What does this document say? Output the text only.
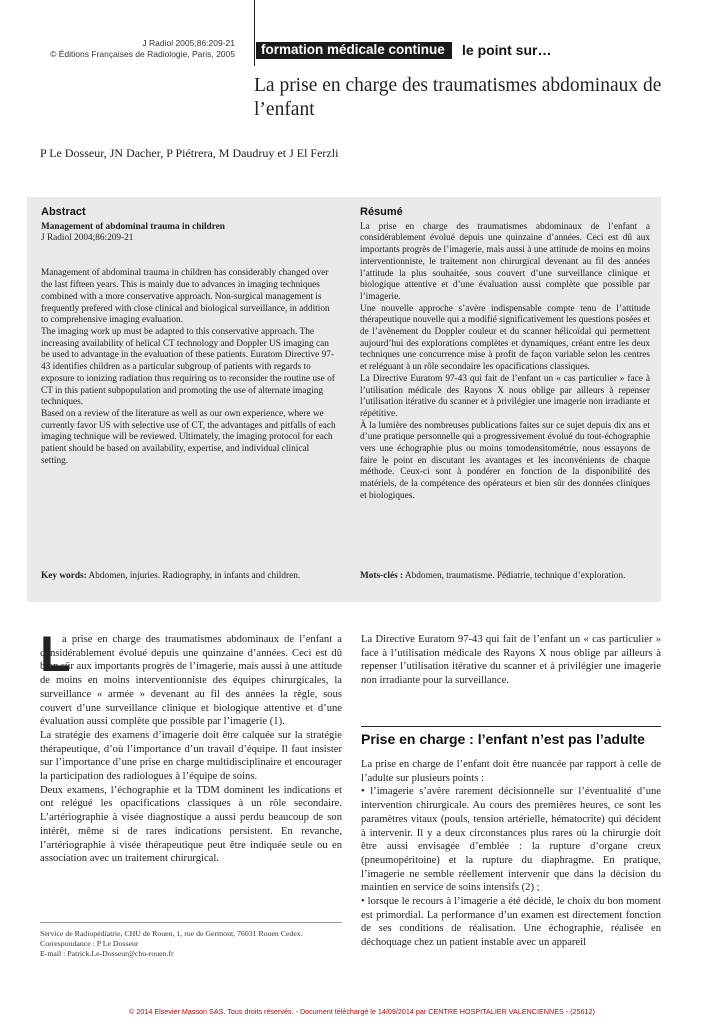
J Radiol 2005;86:209-21
© Éditions Françaises de Radiologie, Paris, 2005	formation médicale continue	le point sur…
La prise en charge des traumatismes abdominaux de l’enfant
P Le Dosseur, JN Dacher, P Piétrera, M Daudruy et J El Ferzli
Abstract
Management of abdominal trauma in children
J Radiol 2004;86:209-21

Management of abdominal trauma in children has considerably changed over the last fifteen years. This is mainly due to advances in imaging techniques combined with a more conservative approach. Non-surgical management is frequently prefered with close clinical and biological surveillance, in addition to comprehensive imaging evaluation.

The imaging work up must be adapted to this conservative approach. The increasing availability of helical CT technology and Doppler US imaging can be used to advantage in the evaluation of these patients. Euratom Directive 97-43 identifies children as a particular subgroup of patients with regards to exposure to ionizing radiation thus requiring us to reconsider the routine use of CT in this patient subpopulation and promoting the use of alternate imaging techniques.

Based on a review of the literature as well as our own experience, where we currently favor US with selective use of CT, the advantages and pitfalls of each imaging technique will be reviewed. Ultimately, the imaging protocol for each patient should be based on availability, expertise, and individual clinical setting.

Key words: Abdomen, injuries. Radiography, in infants and children.
Résumé

La prise en charge des traumatismes abdominaux de l’enfant a considérablement évolué depuis une quinzaine d’années. Ceci est dû aux importants progrès de l’imagerie, mais aussi à une attitude de moins en moins interventionniste, le traitement non chirurgical devenant au fil des années l’attitude la plus souhaitée, sous couvert d’une surveillance clinique et biologique attentive et d’une évaluation aussi complète que possible par l’imagerie.

Une nouvelle approche s’avère indispensable compte tenu de l’attitude thérapeutique nouvelle qui a modifié significativement les questions posées et de l’avènement du Doppler couleur et du scanner hélicoïdal qui permettent aujourd’hui des explorations complètes et dynamiques, créant entre les deux techniques une concurrence mise à profit de façon variable selon les centres et reléguant à un rôle secondaire les opacifications classiques.

La Directive Euratom 97-43 qui fait de l’enfant un « cas particulier » face à l’utilisation médicale des Rayons X nous oblige par ailleurs à repenser l’utilisation itérative du scanner et à privilégier une imagerie non irradiante et répétitive.

À la lumière des nombreuses publications faites sur ce sujet depuis dix ans et d’une pratique personnelle qui a progressivement évolué du tout-échographie vers une échographie plus ou moins tomodensitométrie, nous essayons de faire le point en discutant les avantages et les inconvénients de chaque méthode. Ceux-ci sont à pondérer en fonction de la disponibilité des matériels, de la compétence des opérateurs et bien sûr des données cliniques et biologiques.

Mots-clés : Abdomen, traumatisme. Pédiatrie, technique d’exploration.

a prise en charge des traumatismes abdominaux de l’enfant a considérablement évolué depuis une quinzaine d’années. Ceci est dû bien sûr aux importants progrès de l’imagerie, mais aussi à une attitude de moins en moins interventionniste des équipes chirurgicales, la surveillance « armée » devenant au fil des années la règle, sous couvert d’une surveillance clinique et biologique attentive et d’une évaluation aussi complète que possible par l’imagerie (1).

La stratégie des examens d’imagerie doit être calquée sur la stratégie thérapeutique, d’où l’importance d’un travail d’équipe. Il faut insister sur l’importance d’une prise en charge multidisciplinaire et encourager la participation des radiologues à l’équipe de soins.

Deux examens, l’échographie et la TDM dominent les indications et ont relégué les opacifications classiques à un rôle secondaire. L’artériographie à visée diagnostique a aussi perdu beaucoup de son intérêt, même si de rares indications persistent. En revanche, l’artériographie à visée thérapeutique peut être indiquée seule ou en association avec un traitement chirurgical.

L	La Directive Euratom 97-43 qui fait de l’enfant un « cas particulier » face à l’utilisation médicale des Rayons X nous oblige par ailleurs à repenser l’utilisation itérative du scanner et à privilégier une imagerie non irradiante pour la surveillance.

Prise en charge : l’enfant n’est pas l’adulte

La prise en charge de l’enfant doit être nuancée par rapport à celle de l’adulte sur plusieurs points :

• l’imagerie s’avère rarement décisionnelle sur l’éventualité d’une intervention chirurgicale. Au cours des premières heures, ce sont les paramètres vitaux (pouls, tension artérielle, hématocrite) qui décident à intervenir. Il y a deux circonstances plus rares où la chirurgie doit être aussi envisagée d’emblée : la rupture d’organe creux (pneumopéritoine) et la rupture du diaphragme. En pratique, l’imagerie ne semble réellement intervenir que dans la décision du maintien en service de soins intensifs (2) ;

• lorsque le recours à l’imagerie a été décidé, le choix du bon moment est primordial. La performance d’un examen est directement fonction de ses conditions de réalisation. Une échographie, réalisée en déchoquage chez un patient instable avec un appareil

Service de Radiopédiatrie, CHU de Rouen, 1, rue de Germont, 76031 Rouen Cedex.
Correspondance : P Le Dosseur
E-mail : Patrick.Le-Dosseur@chu-rouen.fr
© 2014 Elsevier Masson SAS. Tous droits réservés. - Document téléchargé le 14/09/2014 par CENTRE HOSPITALIER VALENCIENNES - (25612)
